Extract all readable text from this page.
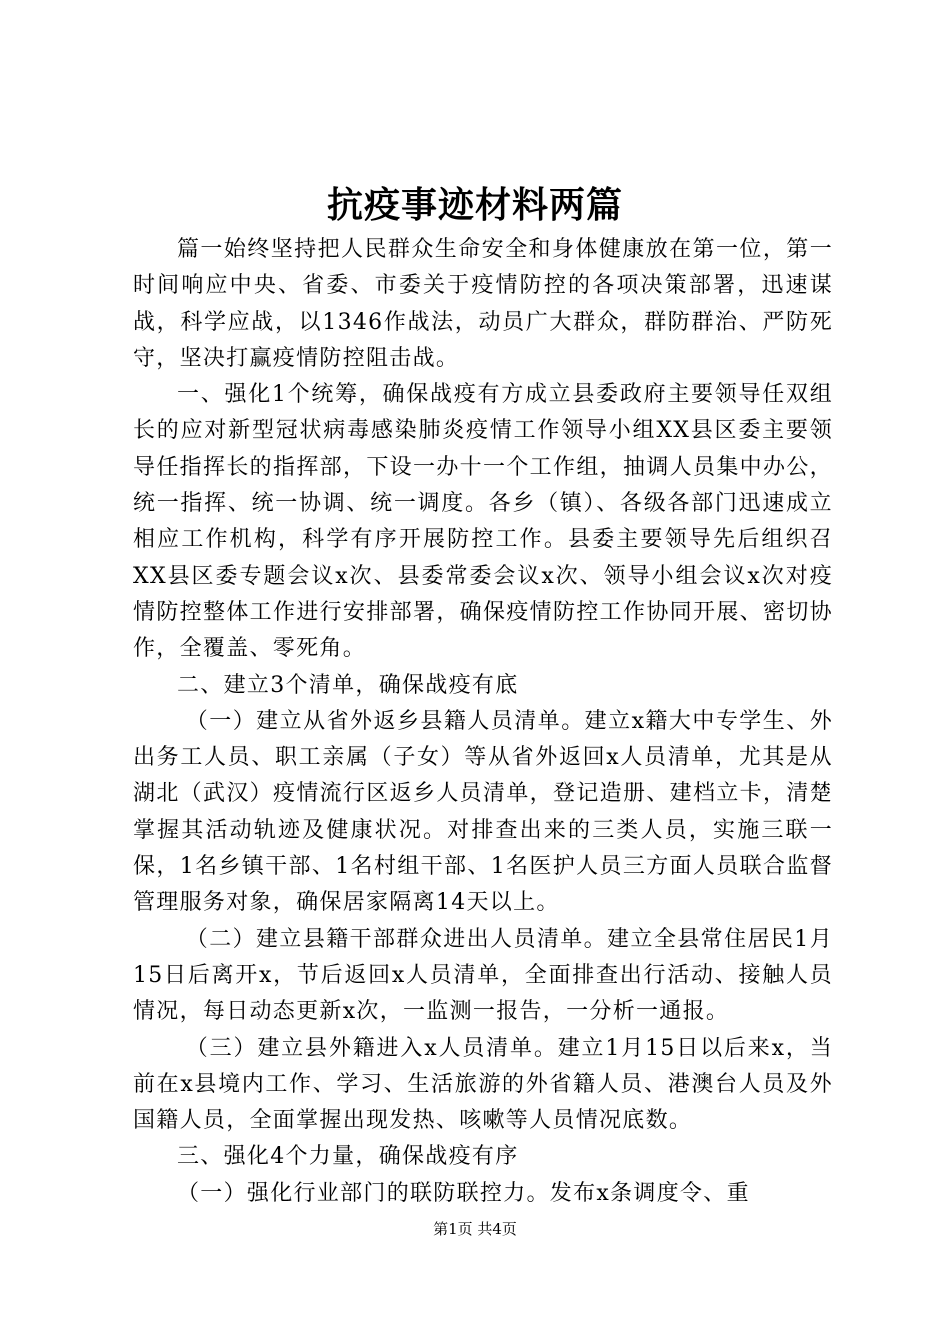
抗疫事迹材料两篇

篇一始终坚持把人民群众生命安全和身体健康放在第一位，第一时间响应中央、省委、市委关于疫情防控的各项决策部署，迅速谋战，科学应战，以1346作战法，动员广大群众，群防群治、严防死守，坚决打赢疫情防控阻击战。

一、强化1个统筹，确保战疫有方成立县委政府主要领导任双组长的应对新型冠状病毒感染肺炎疫情工作领导小组XX县区委主要领导任指挥长的指挥部，下设一办十一个工作组，抽调人员集中办公，统一指挥、统一协调、统一调度。各乡（镇）、各级各部门迅速成立相应工作机构，科学有序开展防控工作。县委主要领导先后组织召XX县区委专题会议x次、县委常委会议x次、领导小组会议x次对疫情防控整体工作进行安排部署，确保疫情防控工作协同开展、密切协作，全覆盖、零死角。

二、建立3个清单，确保战疫有底

（一）建立从省外返乡县籍人员清单。建立x籍大中专学生、外出务工人员、职工亲属（子女）等从省外返回x人员清单，尤其是从湖北（武汉）疫情流行区返乡人员清单，登记造册、建档立卡，清楚掌握其活动轨迹及健康状况。对排查出来的三类人员，实施三联一保，1名乡镇干部、1名村组干部、1名医护人员三方面人员联合监督管理服务对象，确保居家隔离14天以上。

（二）建立县籍干部群众进出人员清单。建立全县常住居民1月15日后离开x，节后返回x人员清单，全面排查出行活动、接触人员情况，每日动态更新x次，一监测一报告，一分析一通报。

（三）建立县外籍进入x人员清单。建立1月15日以后来x，当前在x县境内工作、学习、生活旅游的外省籍人员、港澳台人员及外国籍人员，全面掌握出现发热、咳嗽等人员情况底数。

三、强化4个力量，确保战疫有序

（一）强化行业部门的联防联控力。发布x条调度令、重

第1页 共4页
